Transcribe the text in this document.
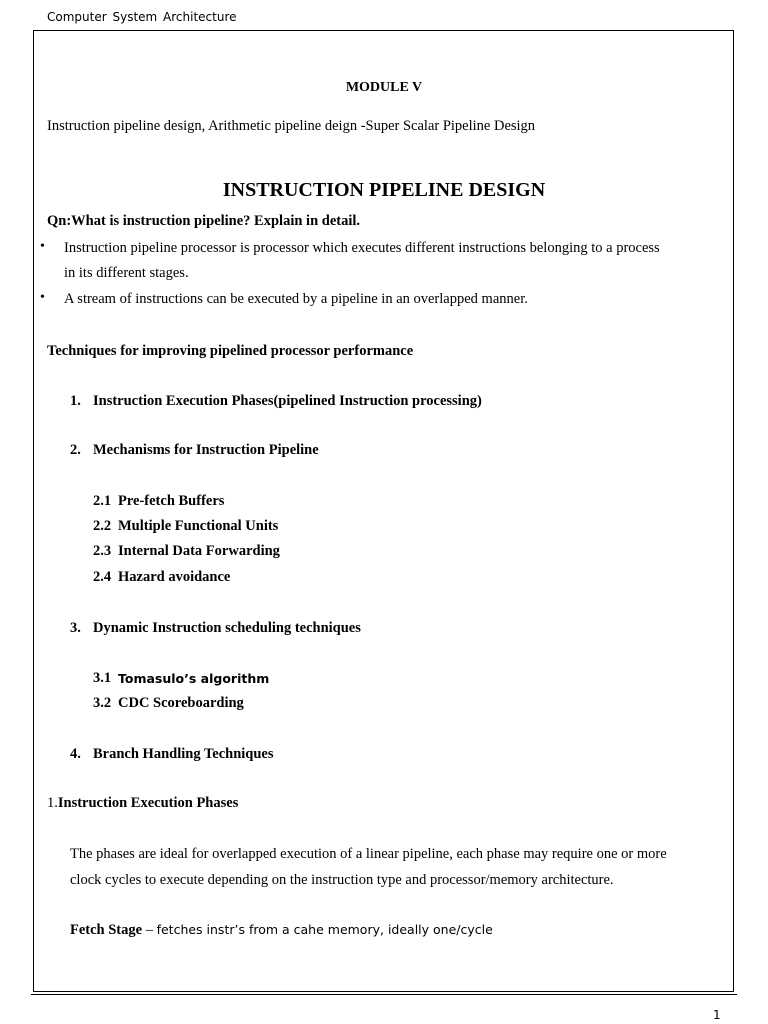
Computer System Architecture
MODULE V
Instruction pipeline design, Arithmetic pipeline deign -Super Scalar Pipeline Design
INSTRUCTION PIPELINE DESIGN
Qn:What is instruction pipeline? Explain in detail.
• Instruction pipeline processor is processor which executes different instructions belonging to a process
in its different stages.
• A stream of instructions can be executed by a pipeline in an overlapped manner.
Techniques for improving pipelined processor performance
1. Instruction Execution Phases(pipelined Instruction processing)
2. Mechanisms for Instruction Pipeline
2.1 Pre-fetch Buffers
2.2 Multiple Functional Units
2.3 Internal Data Forwarding
2.4 Hazard avoidance
3. Dynamic Instruction scheduling techniques
3.1 Tomasulo’s algorithm
3.2 CDC Scoreboarding
4. Branch Handling Techniques
1.Instruction Execution Phases
The phases are ideal for overlapped execution of a linear pipeline, each phase may require one or more
clock cycles to execute depending on the instruction type and processor/memory architecture.
Fetch Stage – fetches instr’s from a cahe memory, ideally one/cycle
1
